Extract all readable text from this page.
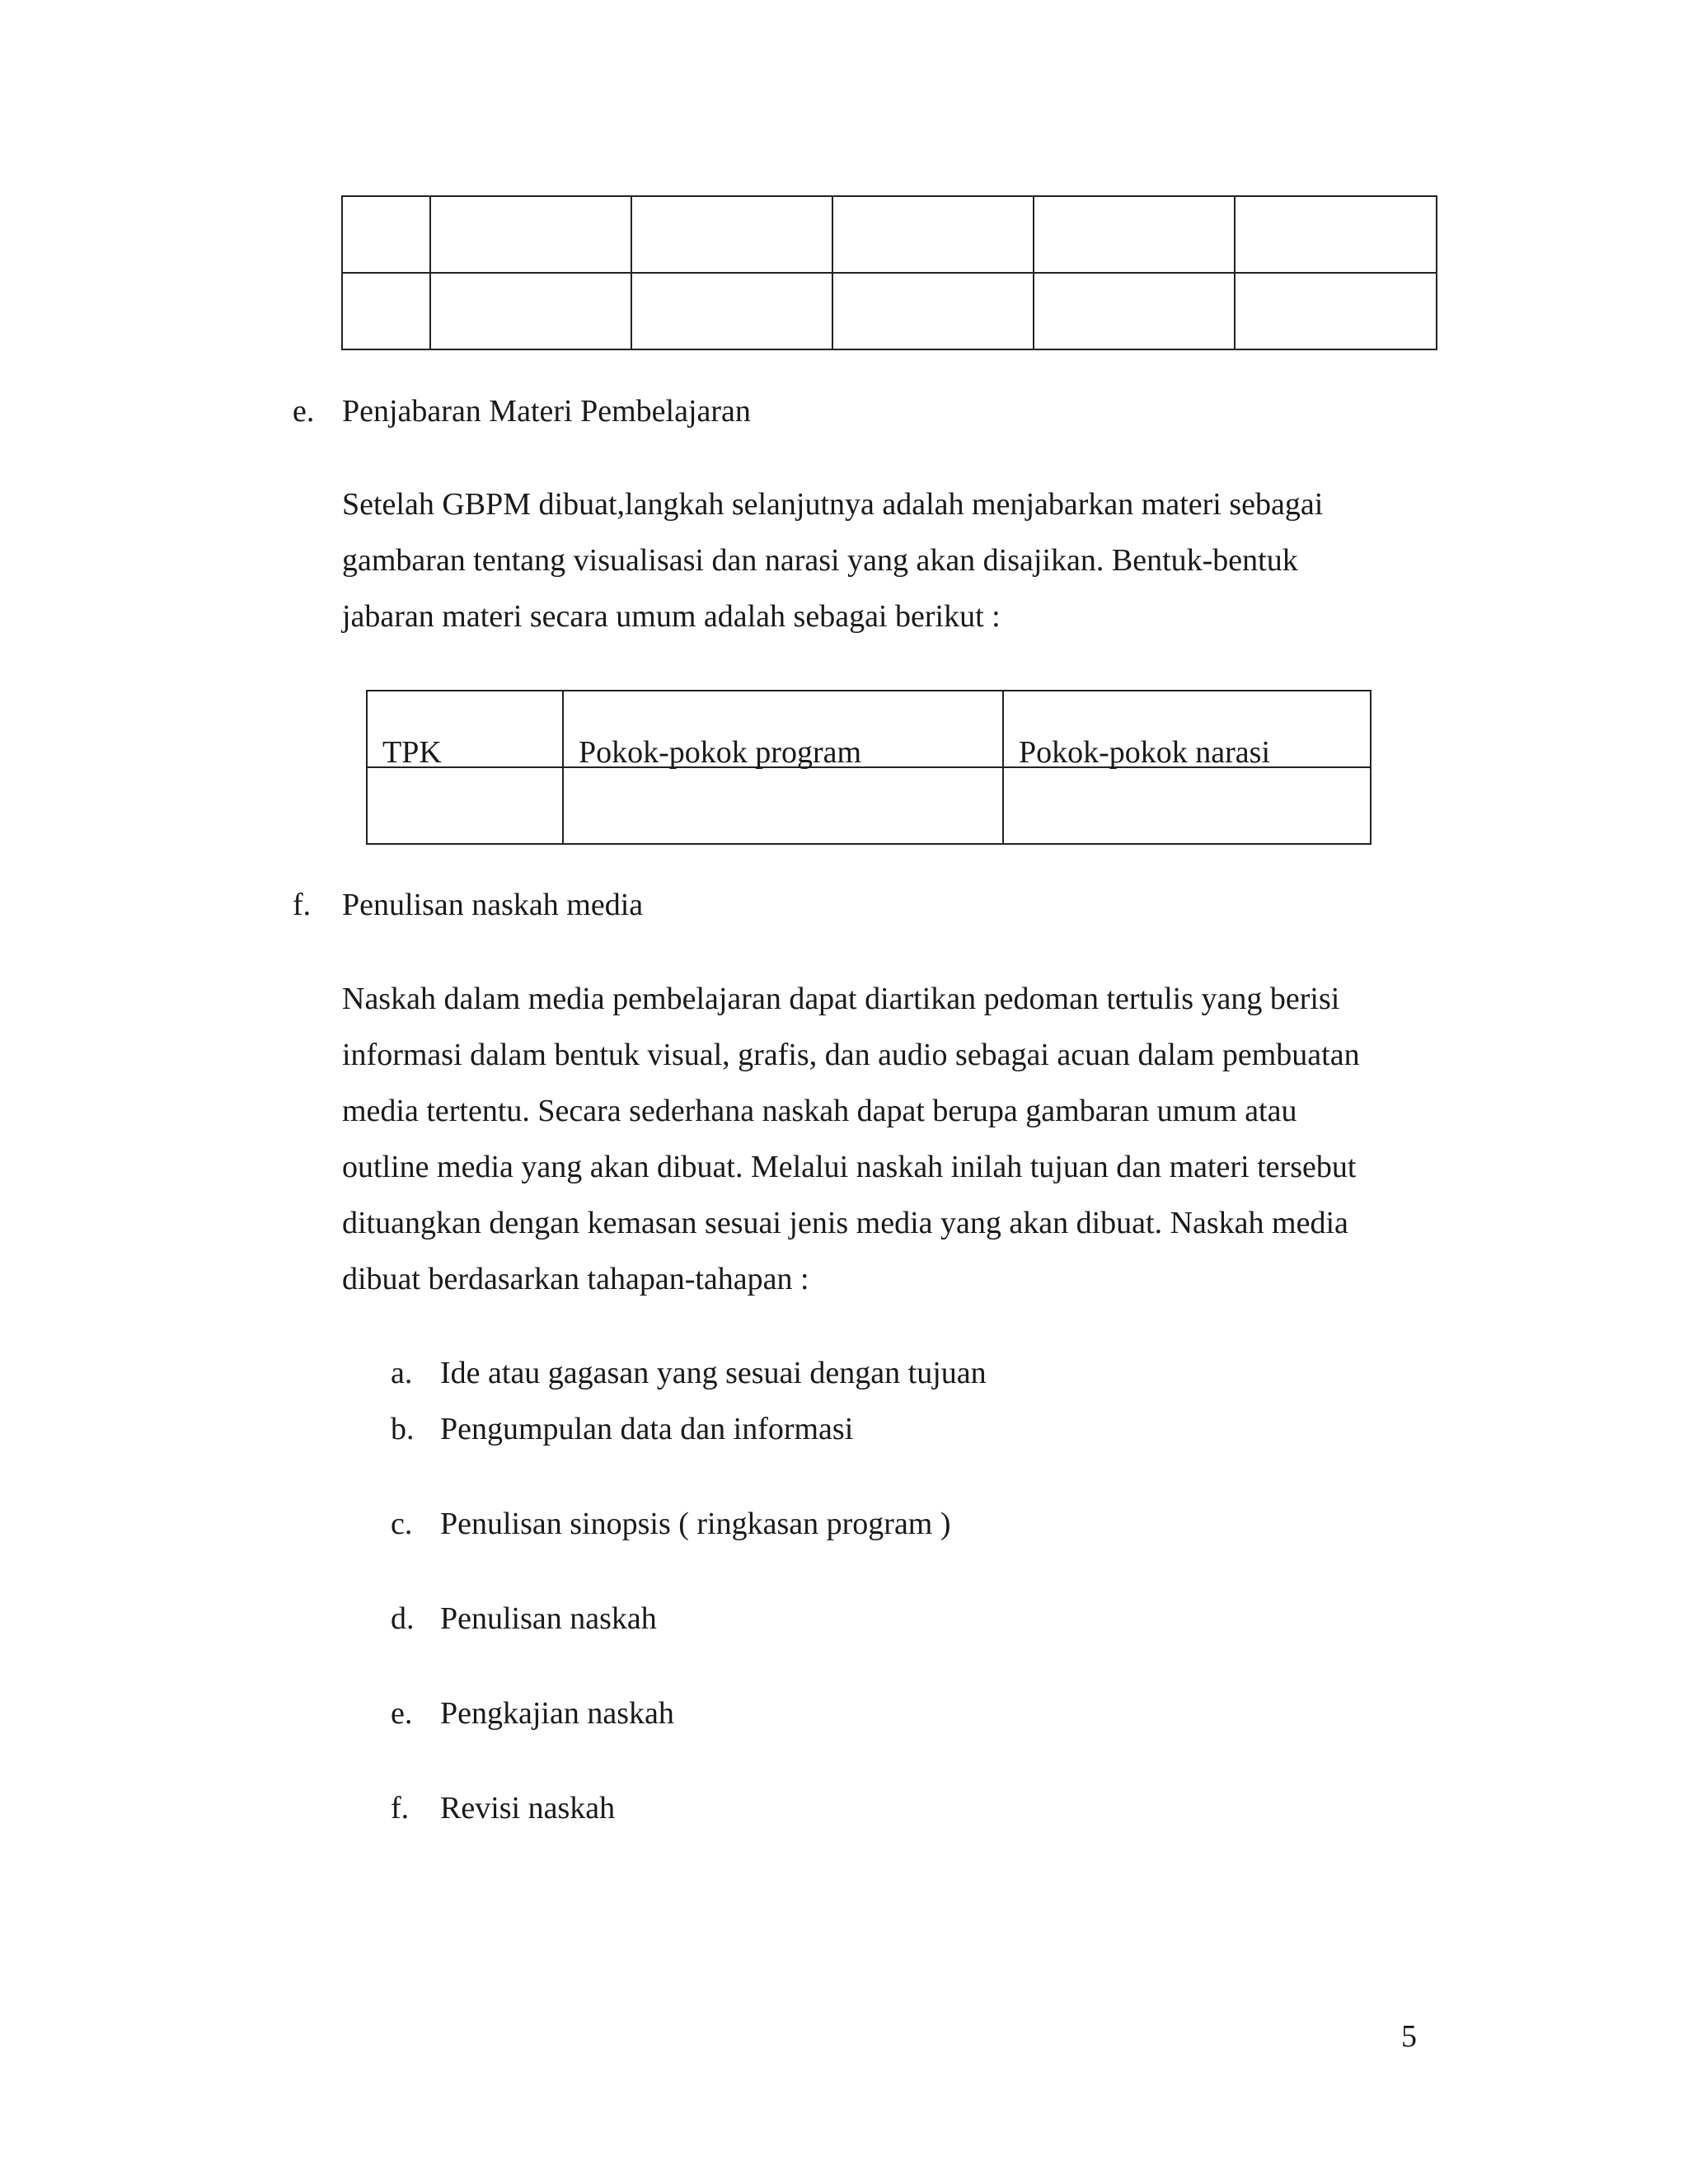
e. Penjabaran Materi Pembelajaran
Setelah GBPM dibuat,langkah selanjutnya adalah menjabarkan materi sebagai
gambaran tentang visualisasi dan narasi yang akan disajikan. Bentuk-bentuk
jabaran materi secara umum adalah sebagai berikut :
TPK	Pokok-pokok program	Pokok-pokok narasi

f. Penulisan naskah media
Naskah dalam media pembelajaran dapat diartikan pedoman tertulis yang berisi
informasi dalam bentuk visual, grafis, dan audio sebagai acuan dalam pembuatan
media tertentu. Secara sederhana naskah dapat berupa gambaran umum atau
outline media yang akan dibuat. Melalui naskah inilah tujuan dan materi tersebut
dituangkan dengan kemasan sesuai jenis media yang akan dibuat. Naskah media
dibuat berdasarkan tahapan-tahapan :
a. Ide atau gagasan yang sesuai dengan tujuan
b. Pengumpulan data dan informasi
c. Penulisan sinopsis ( ringkasan program )
d. Penulisan naskah
e. Pengkajian naskah
f. Revisi naskah
5
